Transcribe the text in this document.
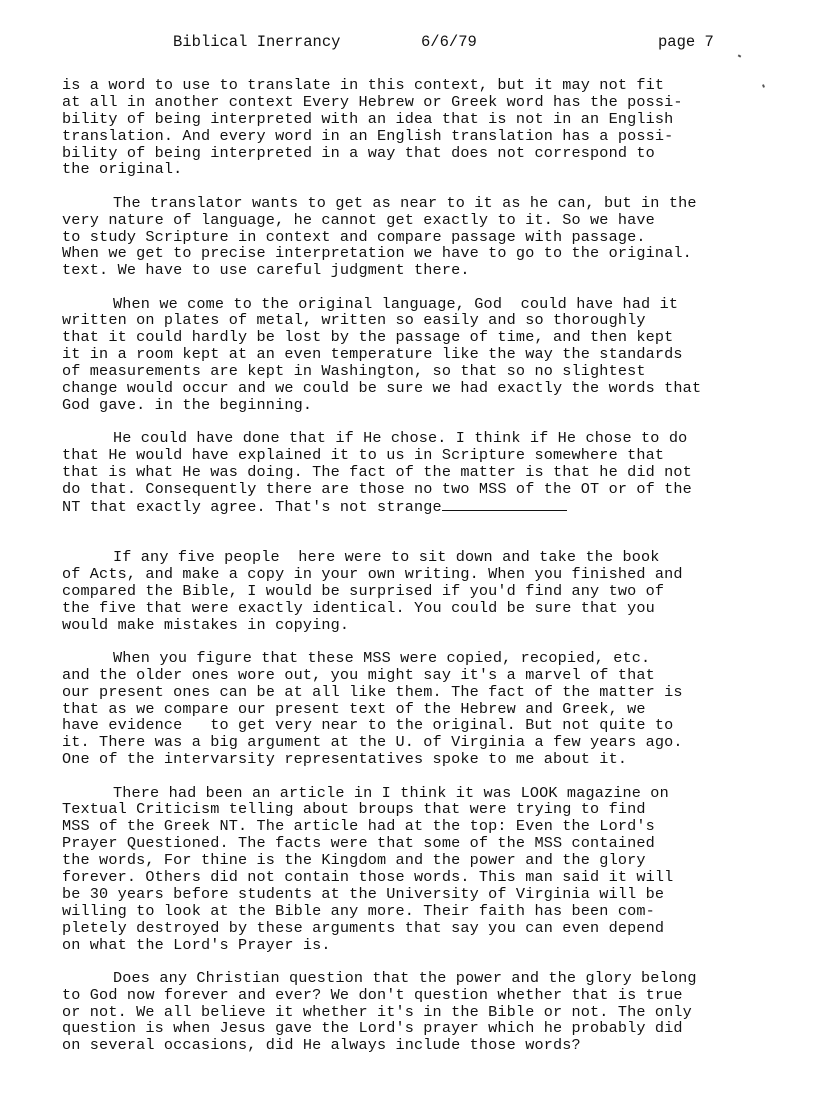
Biblical Inerrancy	6/6/79	page 7
is a word to use to translate in this context, but it may not fit
at all in another context Every Hebrew or Greek word has the possi-
bility of being interpreted with an idea that is not in an English
translation. And every word in an English translation has a possi-
bility of being interpreted in a way that does not correspond to
the original.
The translator wants to get as near to it as he can, but in the
very nature of language, he cannot get exactly to it. So we have
to study Scripture in context and compare passage with passage.
When we get to precise interpretation we have to go to the original.
text. We have to use careful judgment there.
When we come to the original language, God  could have had it
written on plates of metal, written so easily and so thoroughly
that it could hardly be lost by the passage of time, and then kept
it in a room kept at an even temperature like the way the standards
of measurements are kept in Washington, so that so no slightest
change would occur and we could be sure we had exactly the words that
God gave. in the beginning.
He could have done that if He chose. I think if He chose to do
that He would have explained it to us in Scripture somewhere that
that is what He was doing. The fact of the matter is that he did not
do that. Consequently there are those no two MSS of the OT or of the
NT that exactly agree. That's not strange
If any five people  here were to sit down and take the book
of Acts, and make a copy in your own writing. When you finished and
compared the Bible, I would be surprised if you'd find any two of
the five that were exactly identical. You could be sure that you
would make mistakes in copying.
When you figure that these MSS were copied, recopied, etc.
and the older ones wore out, you might say it's a marvel of that
our present ones can be at all like them. The fact of the matter is
that as we compare our present text of the Hebrew and Greek, we
have evidence   to get very near to the original. But not quite to
it. There was a big argument at the U. of Virginia a few years ago.
One of the intervarsity representatives spoke to me about it.
There had been an article in I think it was LOOK magazine on
Textual Criticism telling about broups that were trying to find
MSS of the Greek NT. The article had at the top: Even the Lord's
Prayer Questioned. The facts were that some of the MSS contained
the words, For thine is the Kingdom and the power and the glory
forever. Others did not contain those words. This man said it will
be 30 years before students at the University of Virginia will be
willing to look at the Bible any more. Their faith has been com-
pletely destroyed by these arguments that say you can even depend
on what the Lord's Prayer is.
Does any Christian question that the power and the glory belong
to God now forever and ever? We don't question whether that is true
or not. We all believe it whether it's in the Bible or not. The only
question is when Jesus gave the Lord's prayer which he probably did
on several occasions, did He always include those words?
